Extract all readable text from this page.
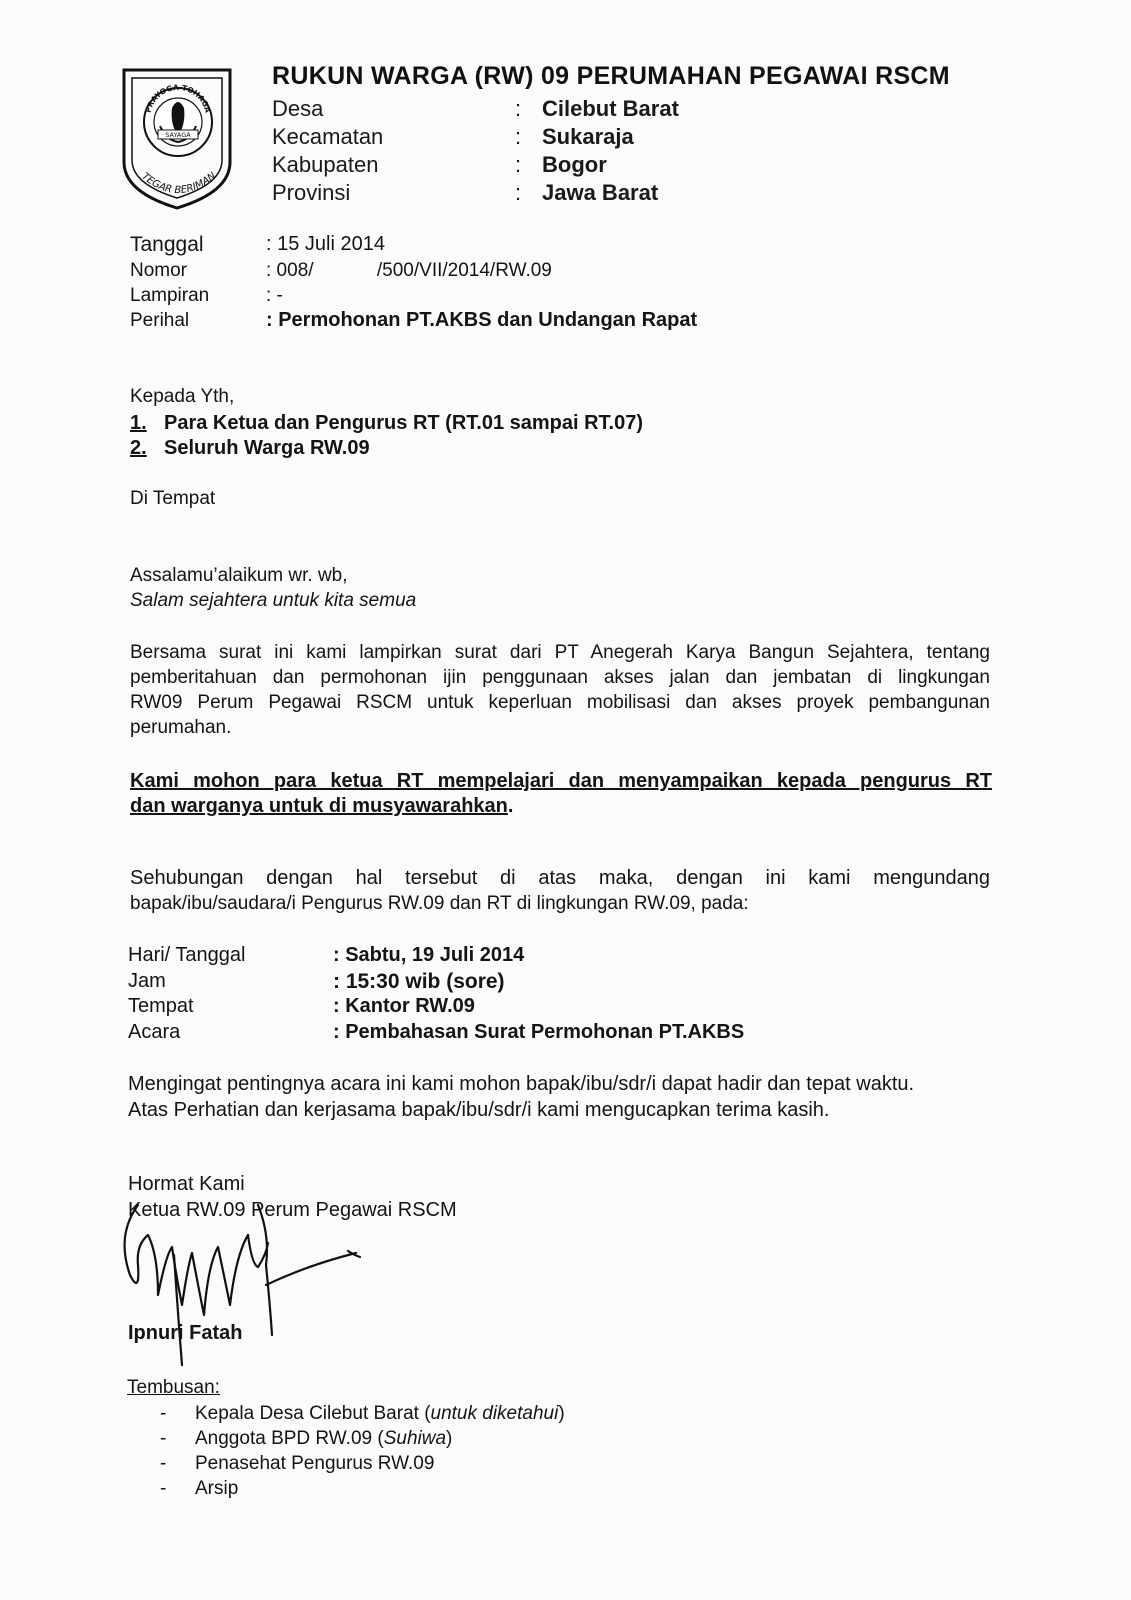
PRAYOGA TOHAGA
SAYAGA
TEGAR BERIMAN
RUKUN WARGA (RW) 09 PERUMAHAN PEGAWAI RSCM
Desa	: Cilebut Barat
Kecamatan	: Sukaraja
Kabupaten	: Bogor
Provinsi	: Jawa Barat
Tanggal	: 15 Juli 2014
Nomor	: 008/            /500/VII/2014/RW.09
Lampiran	: -
Perihal	: Permohonan PT.AKBS dan Undangan Rapat
Kepada Yth,
1. Para Ketua dan Pengurus RT (RT.01 sampai RT.07)
2. Seluruh Warga RW.09
Di Tempat
Assalamu’alaikum wr. wb,
Salam sejahtera untuk kita semua
Bersama surat ini kami lampirkan surat dari PT Anegerah Karya Bangun Sejahtera, tentang
pemberitahuan dan permohonan ijin penggunaan akses jalan dan jembatan di lingkungan
RW09 Perum Pegawai RSCM untuk keperluan mobilisasi dan akses proyek pembangunan
perumahan.
Kami mohon para ketua RT mempelajari dan menyampaikan kepada pengurus RT
dan warganya untuk di musyawarahkan.
Sehubungan dengan hal tersebut di atas maka, dengan ini kami mengundang
bapak/ibu/saudara/i Pengurus RW.09 dan RT di lingkungan RW.09, pada:
Hari/ Tanggal	: Sabtu, 19 Juli 2014
Jam	: 15:30 wib (sore)
Tempat	: Kantor RW.09
Acara	: Pembahasan Surat Permohonan PT.AKBS
Mengingat pentingnya acara ini kami mohon bapak/ibu/sdr/i dapat hadir dan tepat waktu.
Atas Perhatian dan kerjasama bapak/ibu/sdr/i kami mengucapkan terima kasih.
Hormat Kami
Ketua RW.09 Perum Pegawai RSCM
Ipnuri Fatah
Tembusan:
- Kepala Desa Cilebut Barat (untuk diketahui)
- Anggota BPD RW.09 (Suhiwa)
- Penasehat Pengurus RW.09
- Arsip
